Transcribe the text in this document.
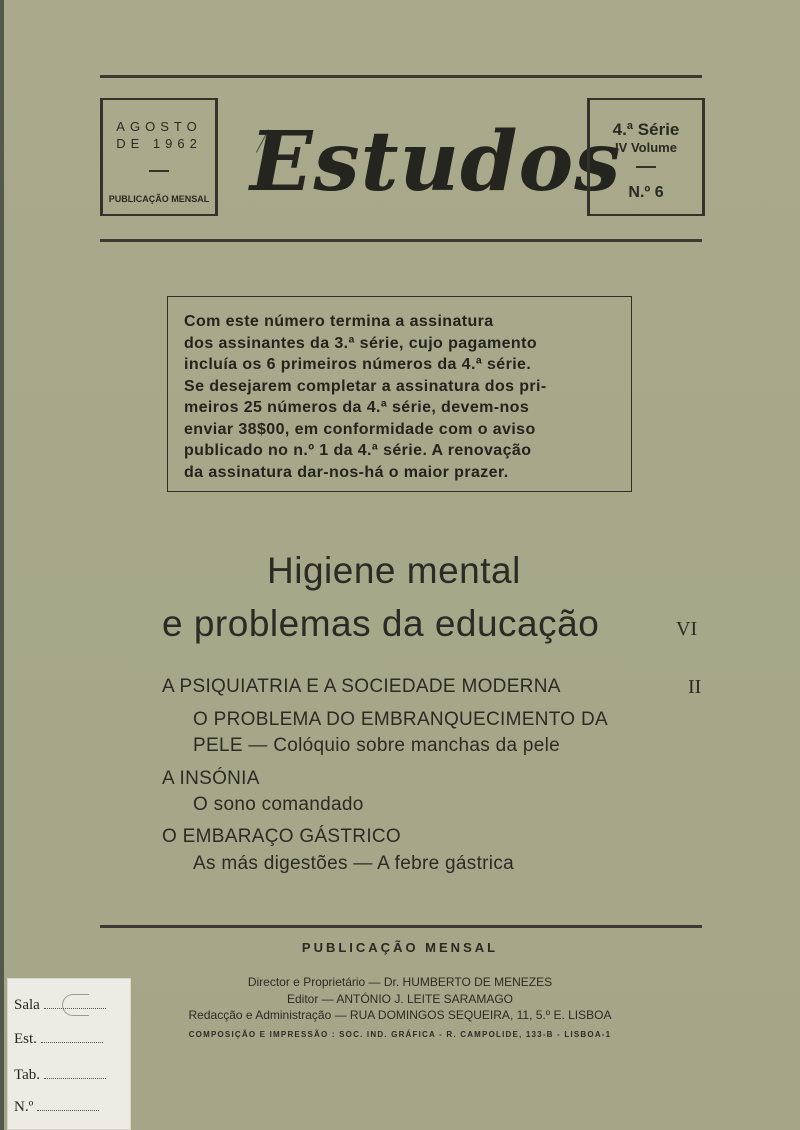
AGOSTO
DE 1962
PUBLICAÇÃO MENSAL Estudos
4.ª Série
IV Volume
N.º 6
Com este número termina a assinatura
dos assinantes da 3.ª série, cujo pagamento
incluía os 6 primeiros números da 4.ª série.
Se desejarem completar a assinatura dos pri-
meiros 25 números da 4.ª série, devem-nos
enviar 38$00, em conformidade com o aviso
publicado no n.º 1 da 4.ª série. A renovação
da assinatura dar-nos-há o maior prazer.
Higiene mental
e problemas da educação	VI
A PSIQUIATRIA E A SOCIEDADE MODERNA	II
O PROBLEMA DO EMBRANQUECIMENTO DA
PELE — Colóquio sobre manchas da pele
A INSÓNIA
O sono comandado
O EMBARAÇO GÁSTRICO
As más digestões — A febre gástrica
PUBLICAÇÃO MENSAL
Director e Proprietário — Dr. HUMBERTO DE MENEZES
Editor — ANTÓNIO J. LEITE SARAMAGO
Redacção e Administração — RUA DOMINGOS SEQUEIRA, 11, 5.º E. LISBOA
COMPOSIÇÃO E IMPRESSÃO : SOC. IND. GRÁFICA - R. CAMPOLIDE, 133-B - LISBOA-1
Sala
Est.
Tab.
N.º
